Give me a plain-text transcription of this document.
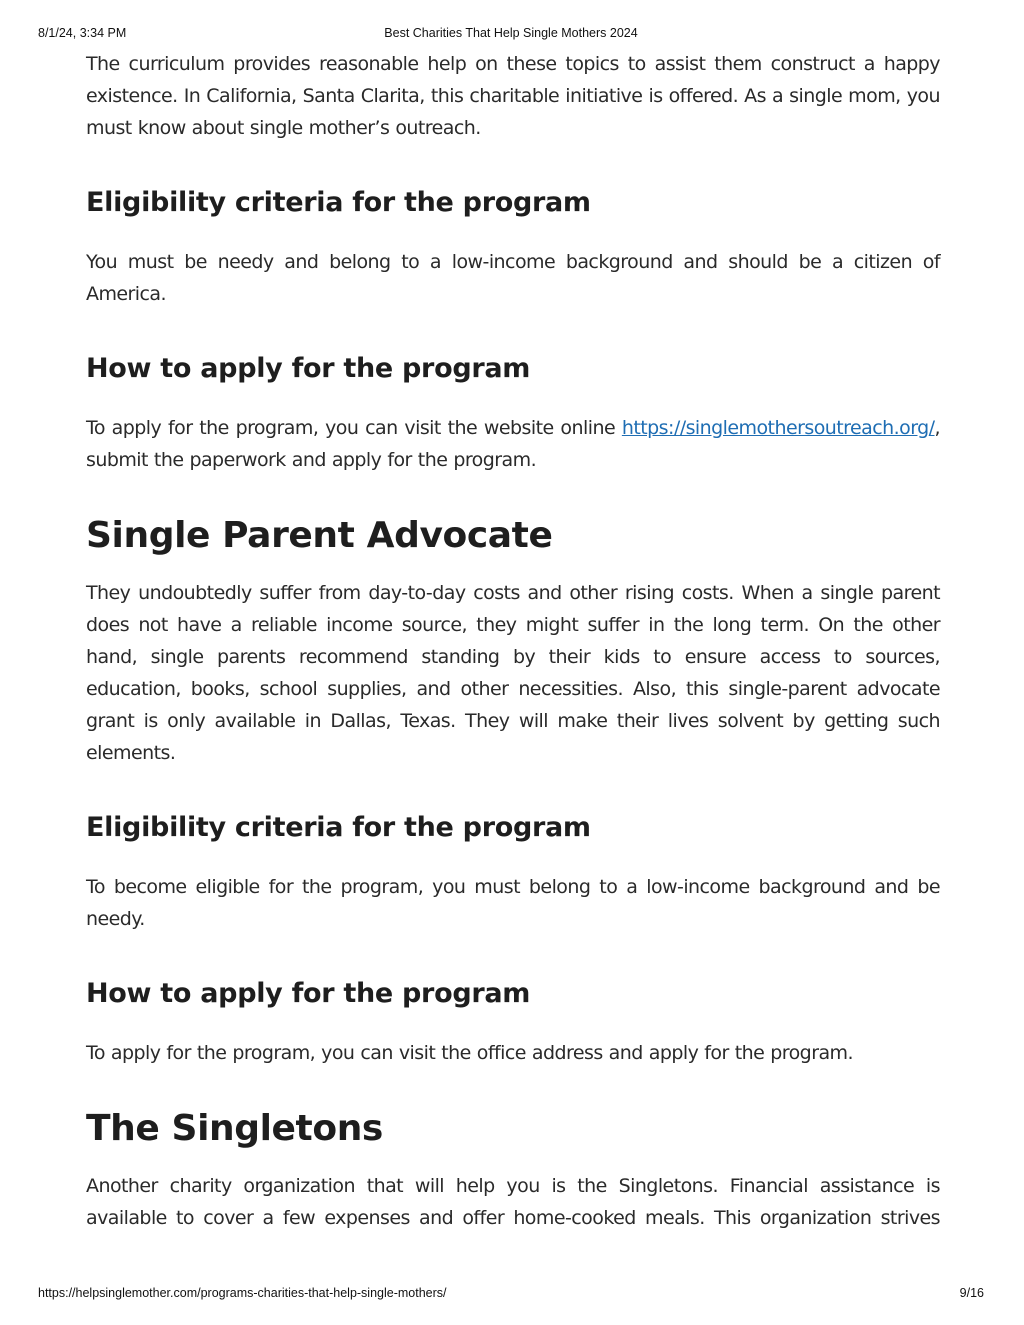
8/1/24, 3:34 PM	Best Charities That Help Single Mothers 2024

The curriculum provides reasonable help on these topics to assist them construct a happy existence. In California, Santa Clarita, this charitable initiative is offered. As a single mom, you must know about single mother’s outreach.

Eligibility criteria for the program

You must be needy and belong to a low-income background and should be a citizen of America.

How to apply for the program

To apply for the program, you can visit the website online https://singlemothersoutreach.org/, submit the paperwork and apply for the program.

Single Parent Advocate

They undoubtedly suffer from day-to-day costs and other rising costs. When a single parent does not have a reliable income source, they might suffer in the long term. On the other hand, single parents recommend standing by their kids to ensure access to sources, education, books, school supplies, and other necessities. Also, this single-parent advocate grant is only available in Dallas, Texas. They will make their lives solvent by getting such elements.

Eligibility criteria for the program

To become eligible for the program, you must belong to a low-income background and be needy.

How to apply for the program

To apply for the program, you can visit the office address and apply for the program.

The Singletons

Another charity organization that will help you is the Singletons. Financial assistance is available to cover a few expenses and offer home-cooked meals. This organization strives

https://helpsinglemother.com/programs-charities-that-help-single-mothers/	9/16
